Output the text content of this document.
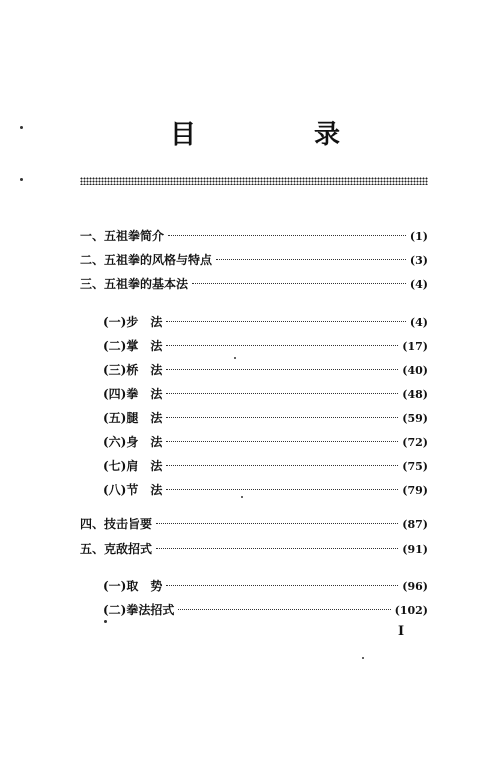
目	录
一、五祖拳简介	(1)
二、五祖拳的风格与特点	(3)
三、五祖拳的基本法	(4)
(一)步　法	(4)
(二)掌　法	(17)
(三)桥　法	(40)
(四)拳　法	(48)
(五)腿　法	(59)
(六)身　法	(72)
(七)肩　法	(75)
(八)节　法	(79)
四、技击旨要	(87)
五、克敌招式	(91)
(一)取　势	(96)
(二)拳法招式	(102)
I
